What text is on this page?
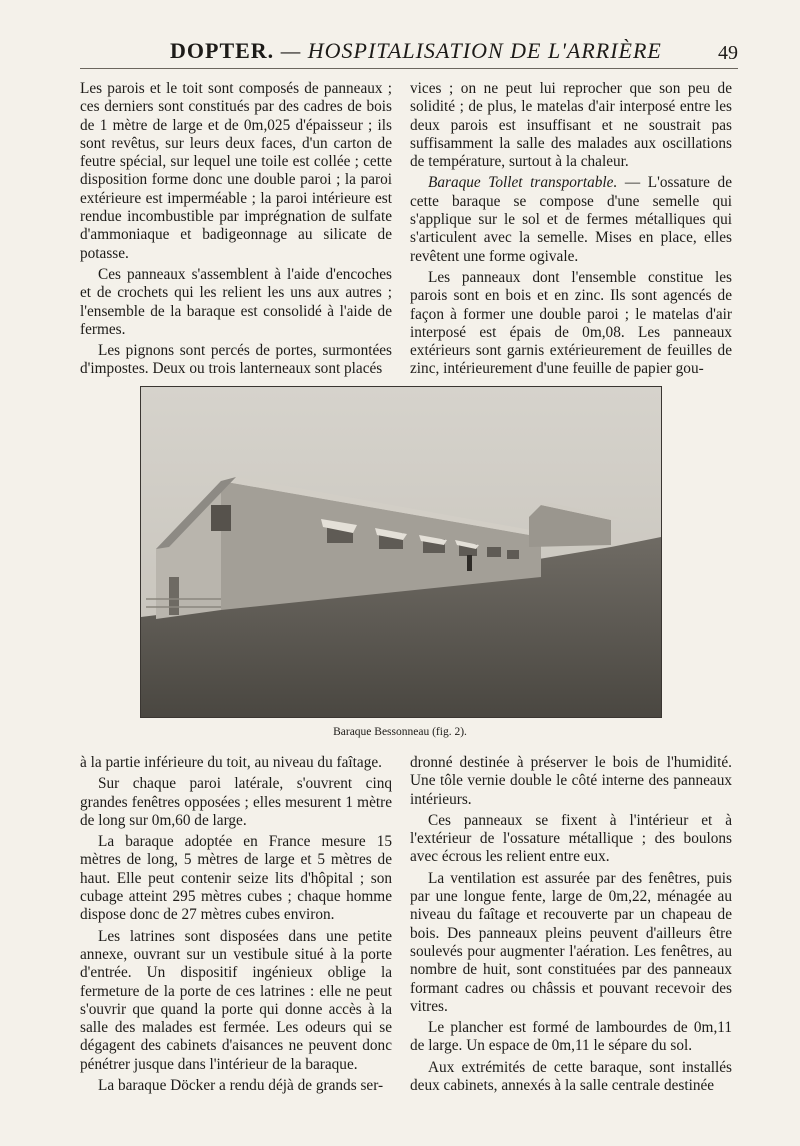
DOPTER. — HOSPITALISATION DE L'ARRIÈRE	49

Les parois et le toit sont composés de panneaux ; ces derniers sont constitués par des cadres de bois de 1 mètre de large et de 0m,025 d'épaisseur ; ils sont revêtus, sur leurs deux faces, d'un carton de feutre spécial, sur lequel une toile est collée ; cette disposition forme donc une double paroi ; la paroi extérieure est imperméable ; la paroi intérieure est rendue incombustible par imprégnation de sulfate d'ammoniaque et badigeonnage au silicate de potasse.

Ces panneaux s'assemblent à l'aide d'encoches et de crochets qui les relient les uns aux autres ; l'ensemble de la baraque est consolidé à l'aide de fermes.

Les pignons sont percés de portes, surmontées d'impostes. Deux ou trois lanterneaux sont placés

vices ; on ne peut lui reprocher que son peu de solidité ; de plus, le matelas d'air interposé entre les deux parois est insuffisant et ne soustrait pas suffisamment la salle des malades aux oscillations de température, surtout à la chaleur.

Baraque Tollet transportable. — L'ossature de cette baraque se compose d'une semelle qui s'applique sur le sol et de fermes métalliques qui s'articulent avec la semelle. Mises en place, elles revêtent une forme ogivale.

Les panneaux dont l'ensemble constitue les parois sont en bois et en zinc. Ils sont agencés de façon à former une double paroi ; le matelas d'air interposé est épais de 0m,08. Les panneaux extérieurs sont garnis extérieurement de feuilles de zinc, intérieurement d'une feuille de papier gou-

Baraque Bessonneau (fig. 2).

à la partie inférieure du toit, au niveau du faîtage.

Sur chaque paroi latérale, s'ouvrent cinq grandes fenêtres opposées ; elles mesurent 1 mètre de long sur 0m,60 de large.

La baraque adoptée en France mesure 15 mètres de long, 5 mètres de large et 5 mètres de haut. Elle peut contenir seize lits d'hôpital ; son cubage atteint 295 mètres cubes ; chaque homme dispose donc de 27 mètres cubes environ.

Les latrines sont disposées dans une petite annexe, ouvrant sur un vestibule situé à la porte d'entrée. Un dispositif ingénieux oblige la fermeture de la porte de ces latrines : elle ne peut s'ouvrir que quand la porte qui donne accès à la salle des malades est fermée. Les odeurs qui se dégagent des cabinets d'aisances ne peuvent donc pénétrer jusque dans l'intérieur de la baraque.

La baraque Döcker a rendu déjà de grands ser-

dronné destinée à préserver le bois de l'humidité. Une tôle vernie double le côté interne des panneaux intérieurs.

Ces panneaux se fixent à l'intérieur et à l'extérieur de l'ossature métallique ; des boulons avec écrous les relient entre eux.

La ventilation est assurée par des fenêtres, puis par une longue fente, large de 0m,22, ménagée au niveau du faîtage et recouverte par un chapeau de bois. Des panneaux pleins peuvent d'ailleurs être soulevés pour augmenter l'aération. Les fenêtres, au nombre de huit, sont constituées par des panneaux formant cadres ou châssis et pouvant recevoir des vitres.

Le plancher est formé de lambourdes de 0m,11 de large. Un espace de 0m,11 le sépare du sol.

Aux extrémités de cette baraque, sont installés deux cabinets, annexés à la salle centrale destinée
